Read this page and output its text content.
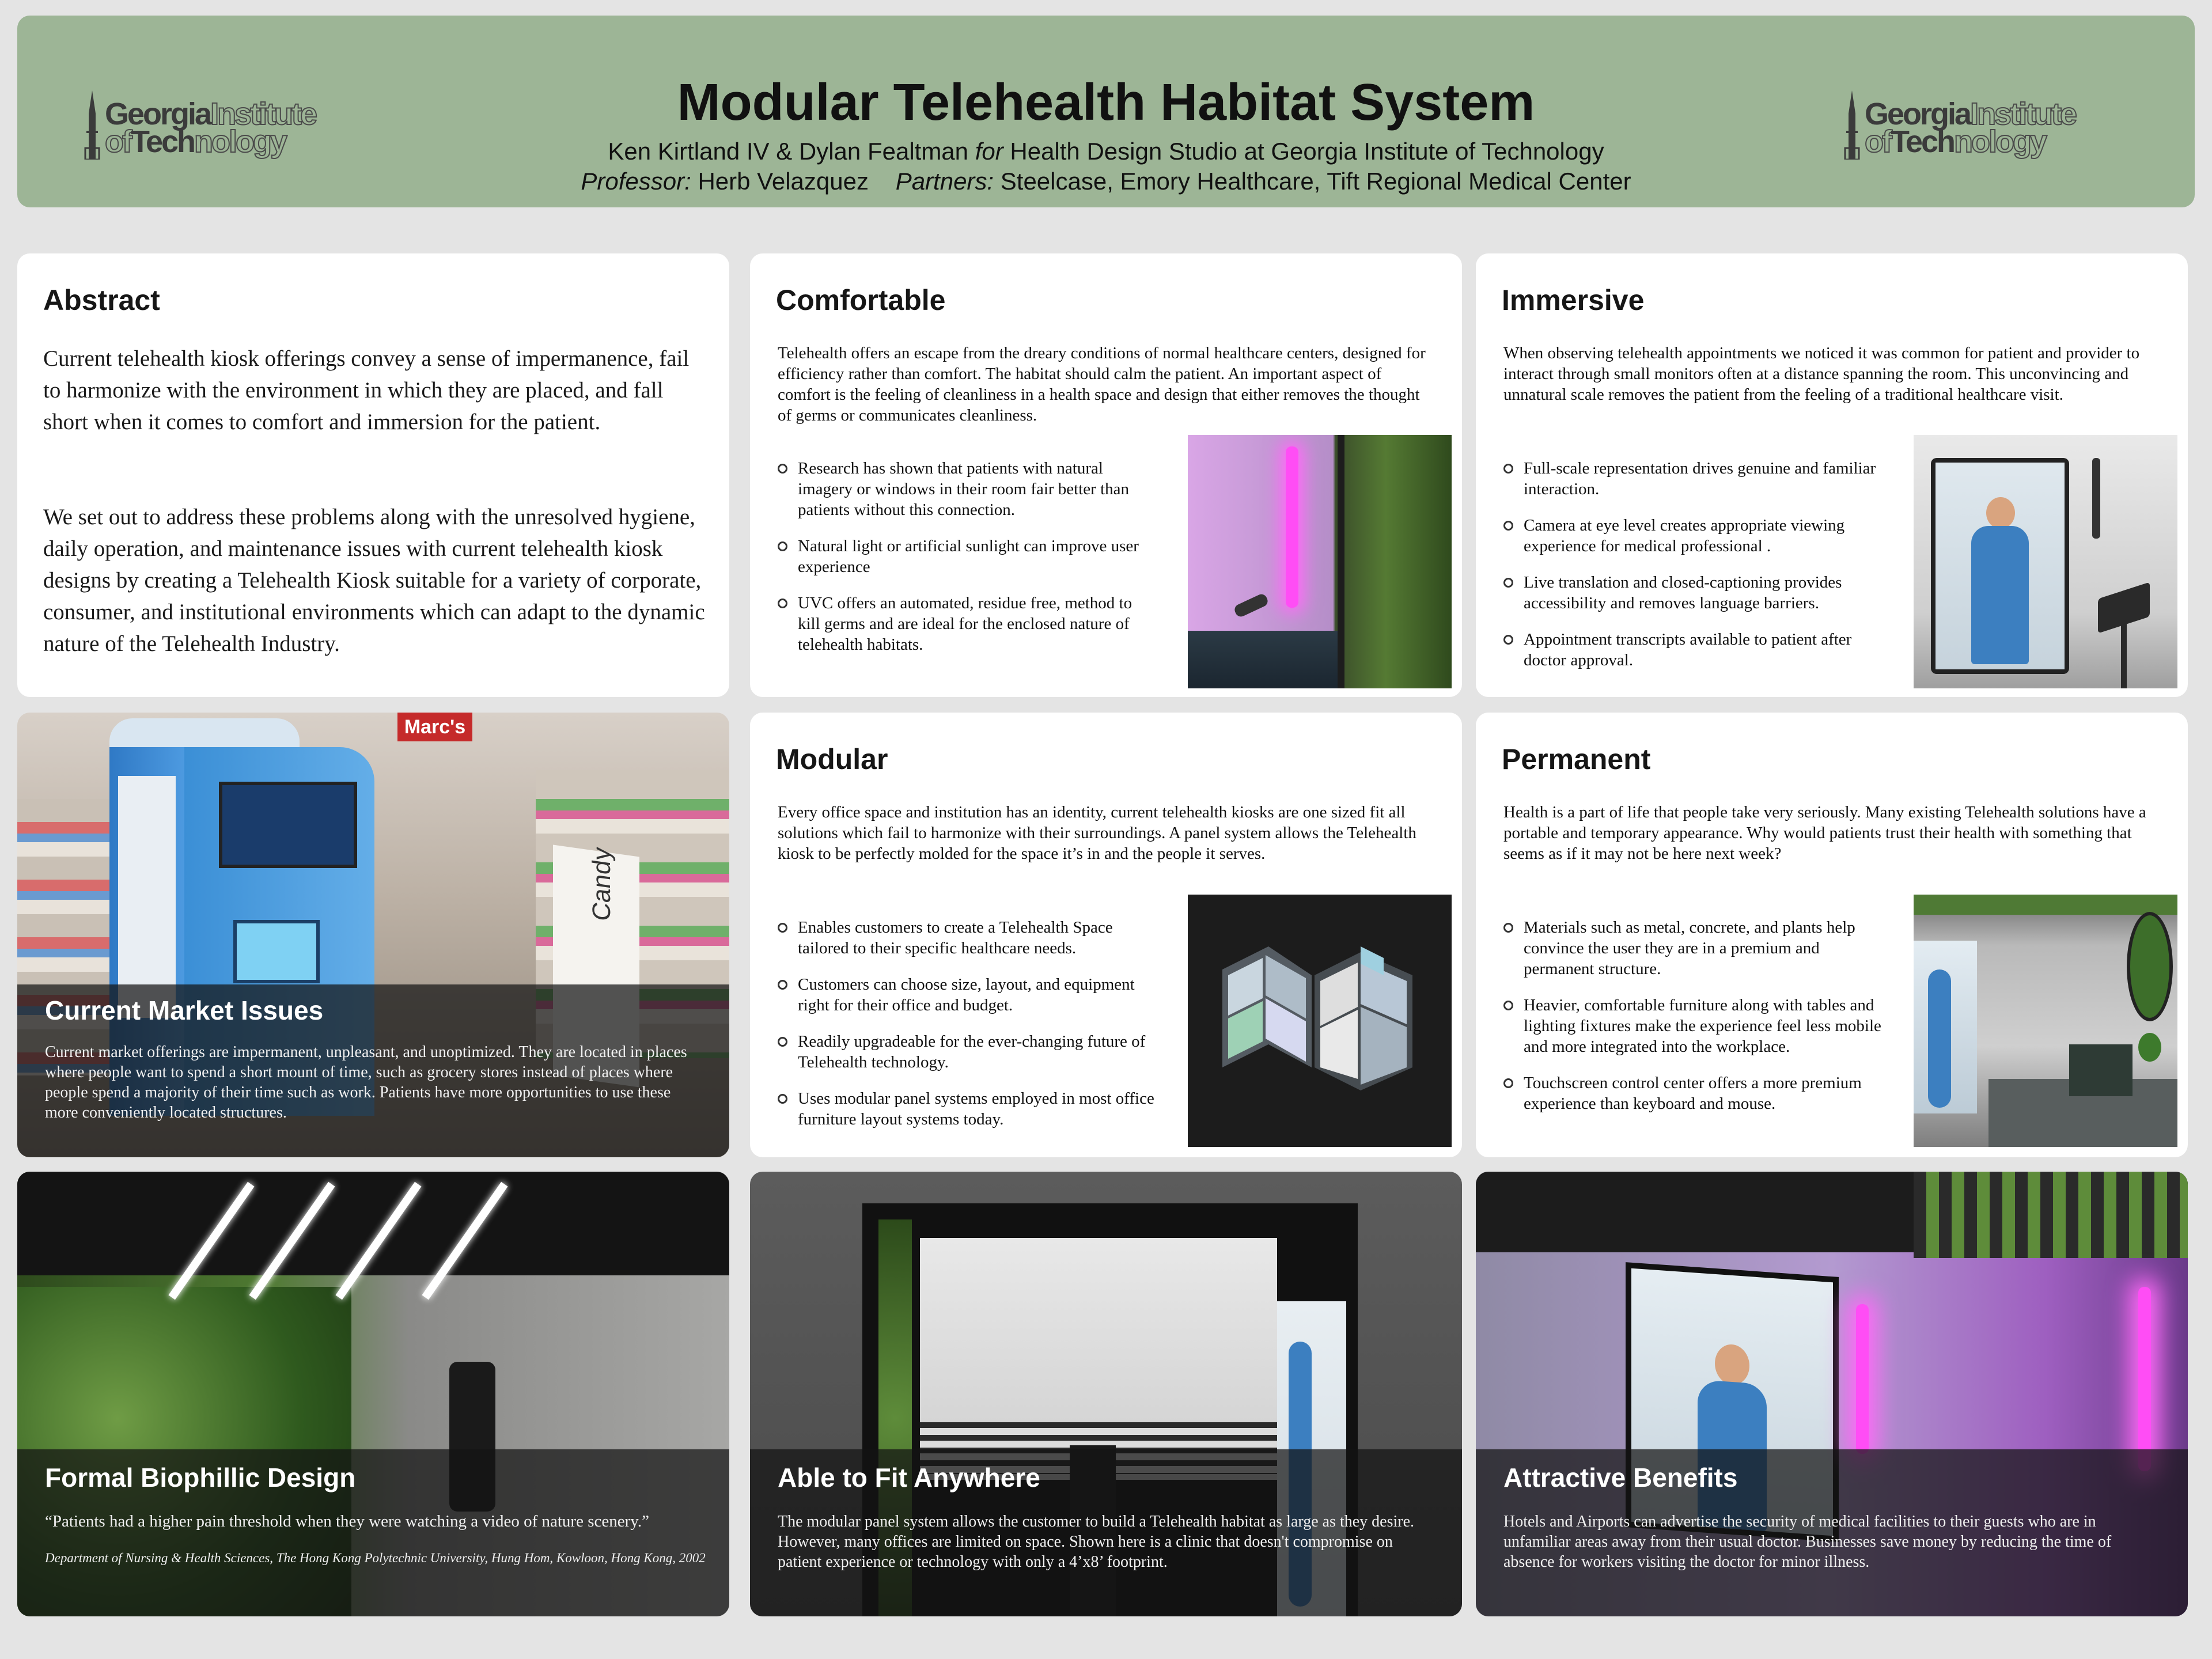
GeorgiaInstitute
ofTechnology
Modular Telehealth Habitat System
Ken Kirtland IV & Dylan Fealtman for Health Design Studio at Georgia Institute of Technology
Professor: Herb Velazquez Partners: Steelcase, Emory Healthcare, Tift Regional Medical Center
GeorgiaInstitute
ofTechnology
Abstract

Current telehealth kiosk offerings convey a sense of impermanence, fail to harmonize with the environment in which they are placed, and fall short when it comes to comfort and immersion for the patient.

We set out to address these problems along with the unresolved hygiene, daily operation, and maintenance issues with current telehealth kiosk designs by creating a Telehealth Kiosk suitable for a variety of corporate, consumer, and institutional environments which can adapt to the dynamic nature of the Telehealth Industry.

Comfortable

Telehealth offers an escape from the dreary conditions of normal healthcare centers, designed for efficiency rather than comfort. The habitat should calm the patient. An important aspect of comfort is the feeling of cleanliness in a health space and design that either removes the thought of germs or communicates cleanliness.

Research has shown that patients with natural imagery or windows in their room fair better than patients without this connection.
Natural light or artificial sunlight can improve user experience
UVC offers an automated, residue free, method to kill germs and are ideal for the enclosed nature of telehealth habitats.
Immersive

When observing telehealth appointments we noticed it was common for patient and provider to interact through small monitors often at a distance spanning the room. This unconvincing and unnatural scale removes the patient from the feeling of a traditional healthcare visit.

Full-scale representation drives genuine and familiar interaction.
Camera at eye level creates appropriate viewing experience for medical professional .
Live translation and closed-captioning provides accessibility and removes language barriers.
Appointment transcripts available to patient after doctor approval.
Marc's
Candy
Current Market Issues

Current market offerings are impermanent, unpleasant, and unoptimized. They are located in places where people want to spend a short mount of time, such as grocery stores instead of places where people spend a majority of their time such as work. Patients have more opportunities to use these more conveniently located structures.

Modular

Every office space and institution has an identity, current telehealth kiosks are one sized fit all solutions which fail to harmonize with their surroundings. A panel system allows the Telehealth kiosk to be perfectly molded for the space it’s in and the people it serves.

Enables customers to create a Telehealth Space tailored to their specific healthcare needs.
Customers can choose size, layout, and equipment right for their office and budget.
Readily upgradeable for the ever-changing future of Telehealth technology.
Uses modular panel systems employed in most office furniture layout systems today.
Permanent

Health is a part of life that people take very seriously. Many existing Telehealth solutions have a portable and temporary appearance. Why would patients trust their health with something that seems as if it may not be here next week?

Materials such as metal, concrete, and plants help convince the user they are in a premium and permanent structure.
Heavier, comfortable furniture along with tables and lighting fixtures make the experience feel less mobile and more integrated into the workplace.
Touchscreen control center offers a more premium experience than keyboard and mouse.
Formal Biophillic Design

“Patients had a higher pain threshold when they were watching a video of nature scenery.”

Department of Nursing & Health Sciences, The Hong Kong Polytechnic University, Hung Hom, Kowloon, Hong Kong, 2002

Able to Fit Anywhere

The modular panel system allows the customer to build a Telehealth habitat as large as they desire. However, many offices are limited on space. Shown here is a clinic that doesn't compromise on patient experience or technology with only a 4’x8’ footprint.

Attractive Benefits

Hotels and Airports can advertise the security of medical facilities to their guests who are in unfamiliar areas away from their usual doctor. Businesses save money by reducing the time of absence for workers visiting the doctor for minor illness.
